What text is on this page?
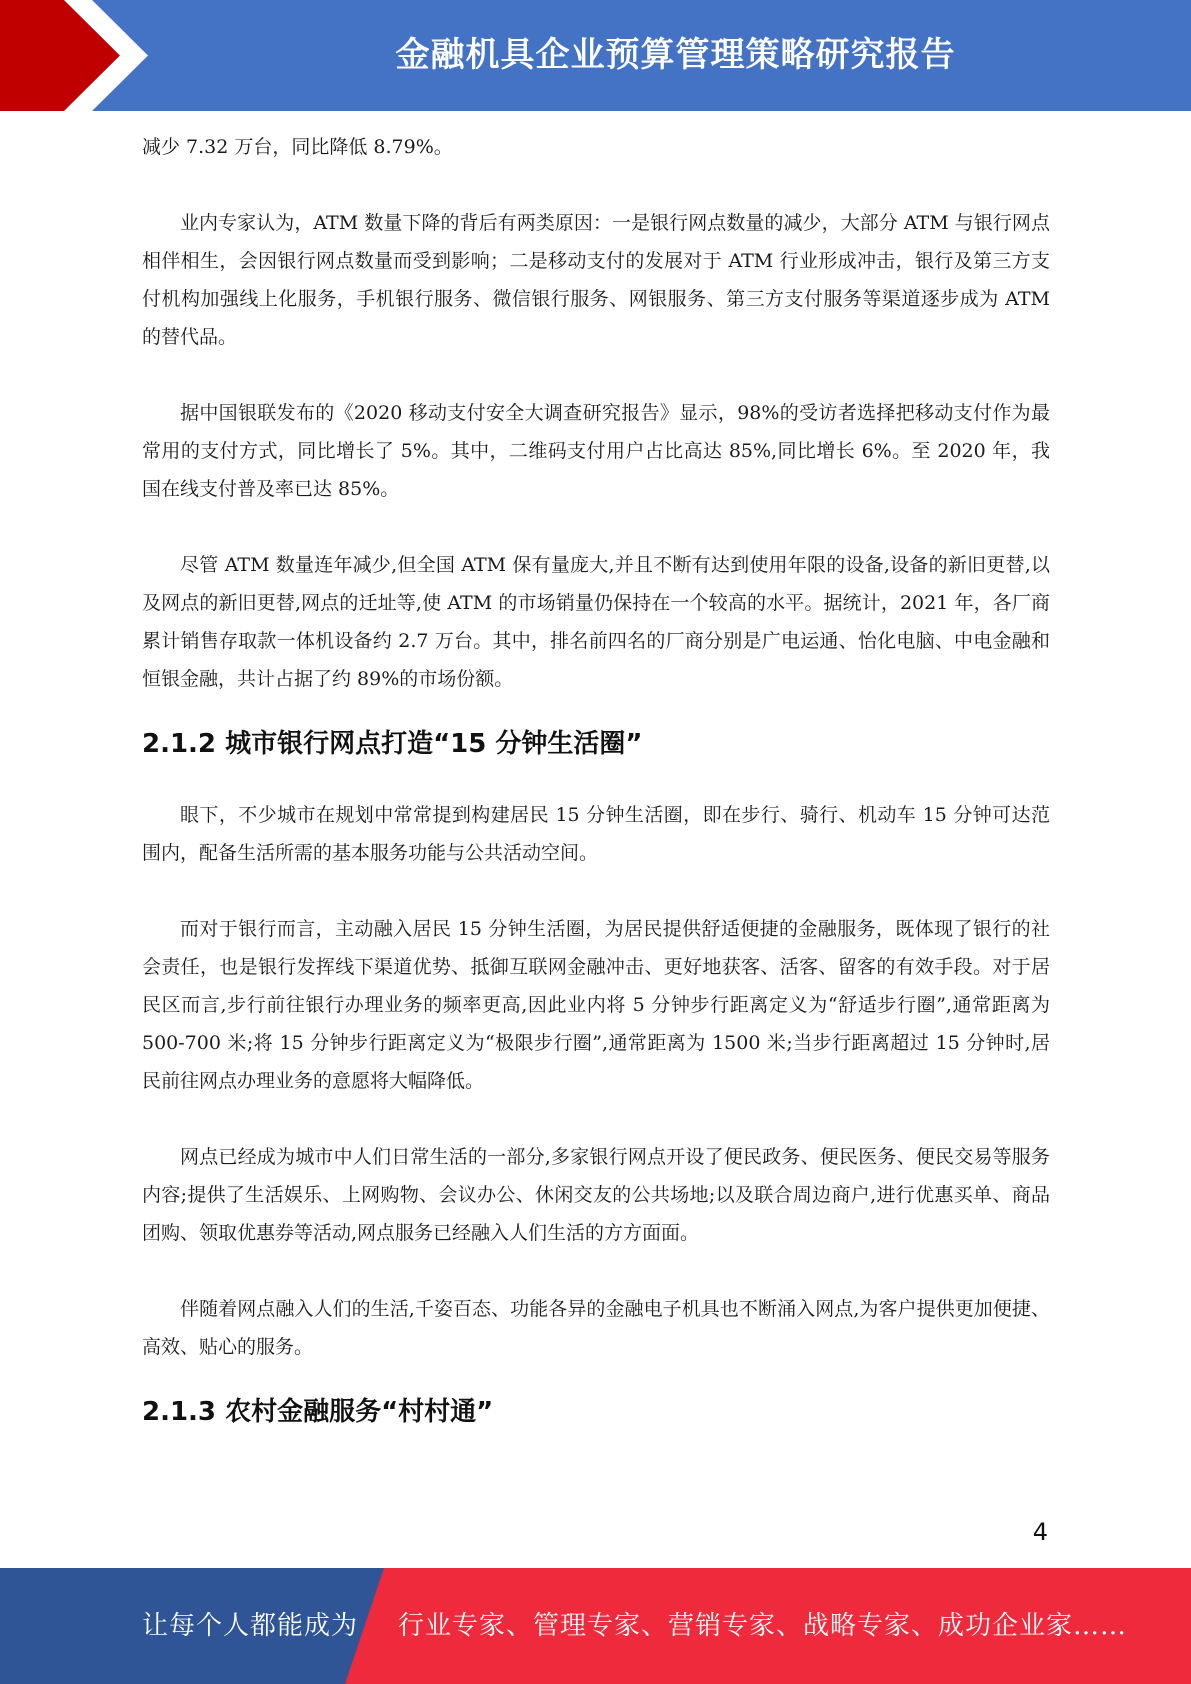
金融机具企业预算管理策略研究报告

减少 7.32 万台，同比降低 8.79%。

业内专家认为，ATM 数量下降的背后有两类原因：一是银行网点数量的减少，大部分 ATM 与银行网点相伴相生，会因银行网点数量而受到影响；二是移动支付的发展对于 ATM 行业形成冲击，银行及第三方支付机构加强线上化服务，手机银行服务、微信银行服务、网银服务、第三方支付服务等渠道逐步成为 ATM 的替代品。

据中国银联发布的《2020 移动支付安全大调查研究报告》显示，98%的受访者选择把移动支付作为最常用的支付方式，同比增长了 5%。其中，二维码支付用户占比高达 85%,同比增长 6%。至 2020 年，我国在线支付普及率已达 85%。

尽管 ATM 数量连年减少,但全国 ATM 保有量庞大,并且不断有达到使用年限的设备,设备的新旧更替,以及网点的新旧更替,网点的迁址等,使 ATM 的市场销量仍保持在一个较高的水平。据统计，2021 年，各厂商累计销售存取款一体机设备约 2.7 万台。其中，排名前四名的厂商分别是广电运通、怡化电脑、中电金融和恒银金融，共计占据了约 89%的市场份额。

2.1.2 城市银行网点打造“15 分钟生活圈”

眼下，不少城市在规划中常常提到构建居民 15 分钟生活圈，即在步行、骑行、机动车 15 分钟可达范围内，配备生活所需的基本服务功能与公共活动空间。

而对于银行而言，主动融入居民 15 分钟生活圈，为居民提供舒适便捷的金融服务，既体现了银行的社会责任，也是银行发挥线下渠道优势、抵御互联网金融冲击、更好地获客、活客、留客的有效手段。对于居民区而言,步行前往银行办理业务的频率更高,因此业内将 5 分钟步行距离定义为“舒适步行圈”,通常距离为 500-700 米;将 15 分钟步行距离定义为“极限步行圈”,通常距离为 1500 米;当步行距离超过 15 分钟时,居民前往网点办理业务的意愿将大幅降低。

网点已经成为城市中人们日常生活的一部分,多家银行网点开设了便民政务、便民医务、便民交易等服务内容;提供了生活娱乐、上网购物、会议办公、休闲交友的公共场地;以及联合周边商户,进行优惠买单、商品团购、领取优惠券等活动,网点服务已经融入人们生活的方方面面。

伴随着网点融入人们的生活,千姿百态、功能各异的金融电子机具也不断涌入网点,为客户提供更加便捷、高效、贴心的服务。

2.1.3 农村金融服务“村村通”
4
让每个人都能成为 行业专家、管理专家、营销专家、战略专家、成功企业家……
